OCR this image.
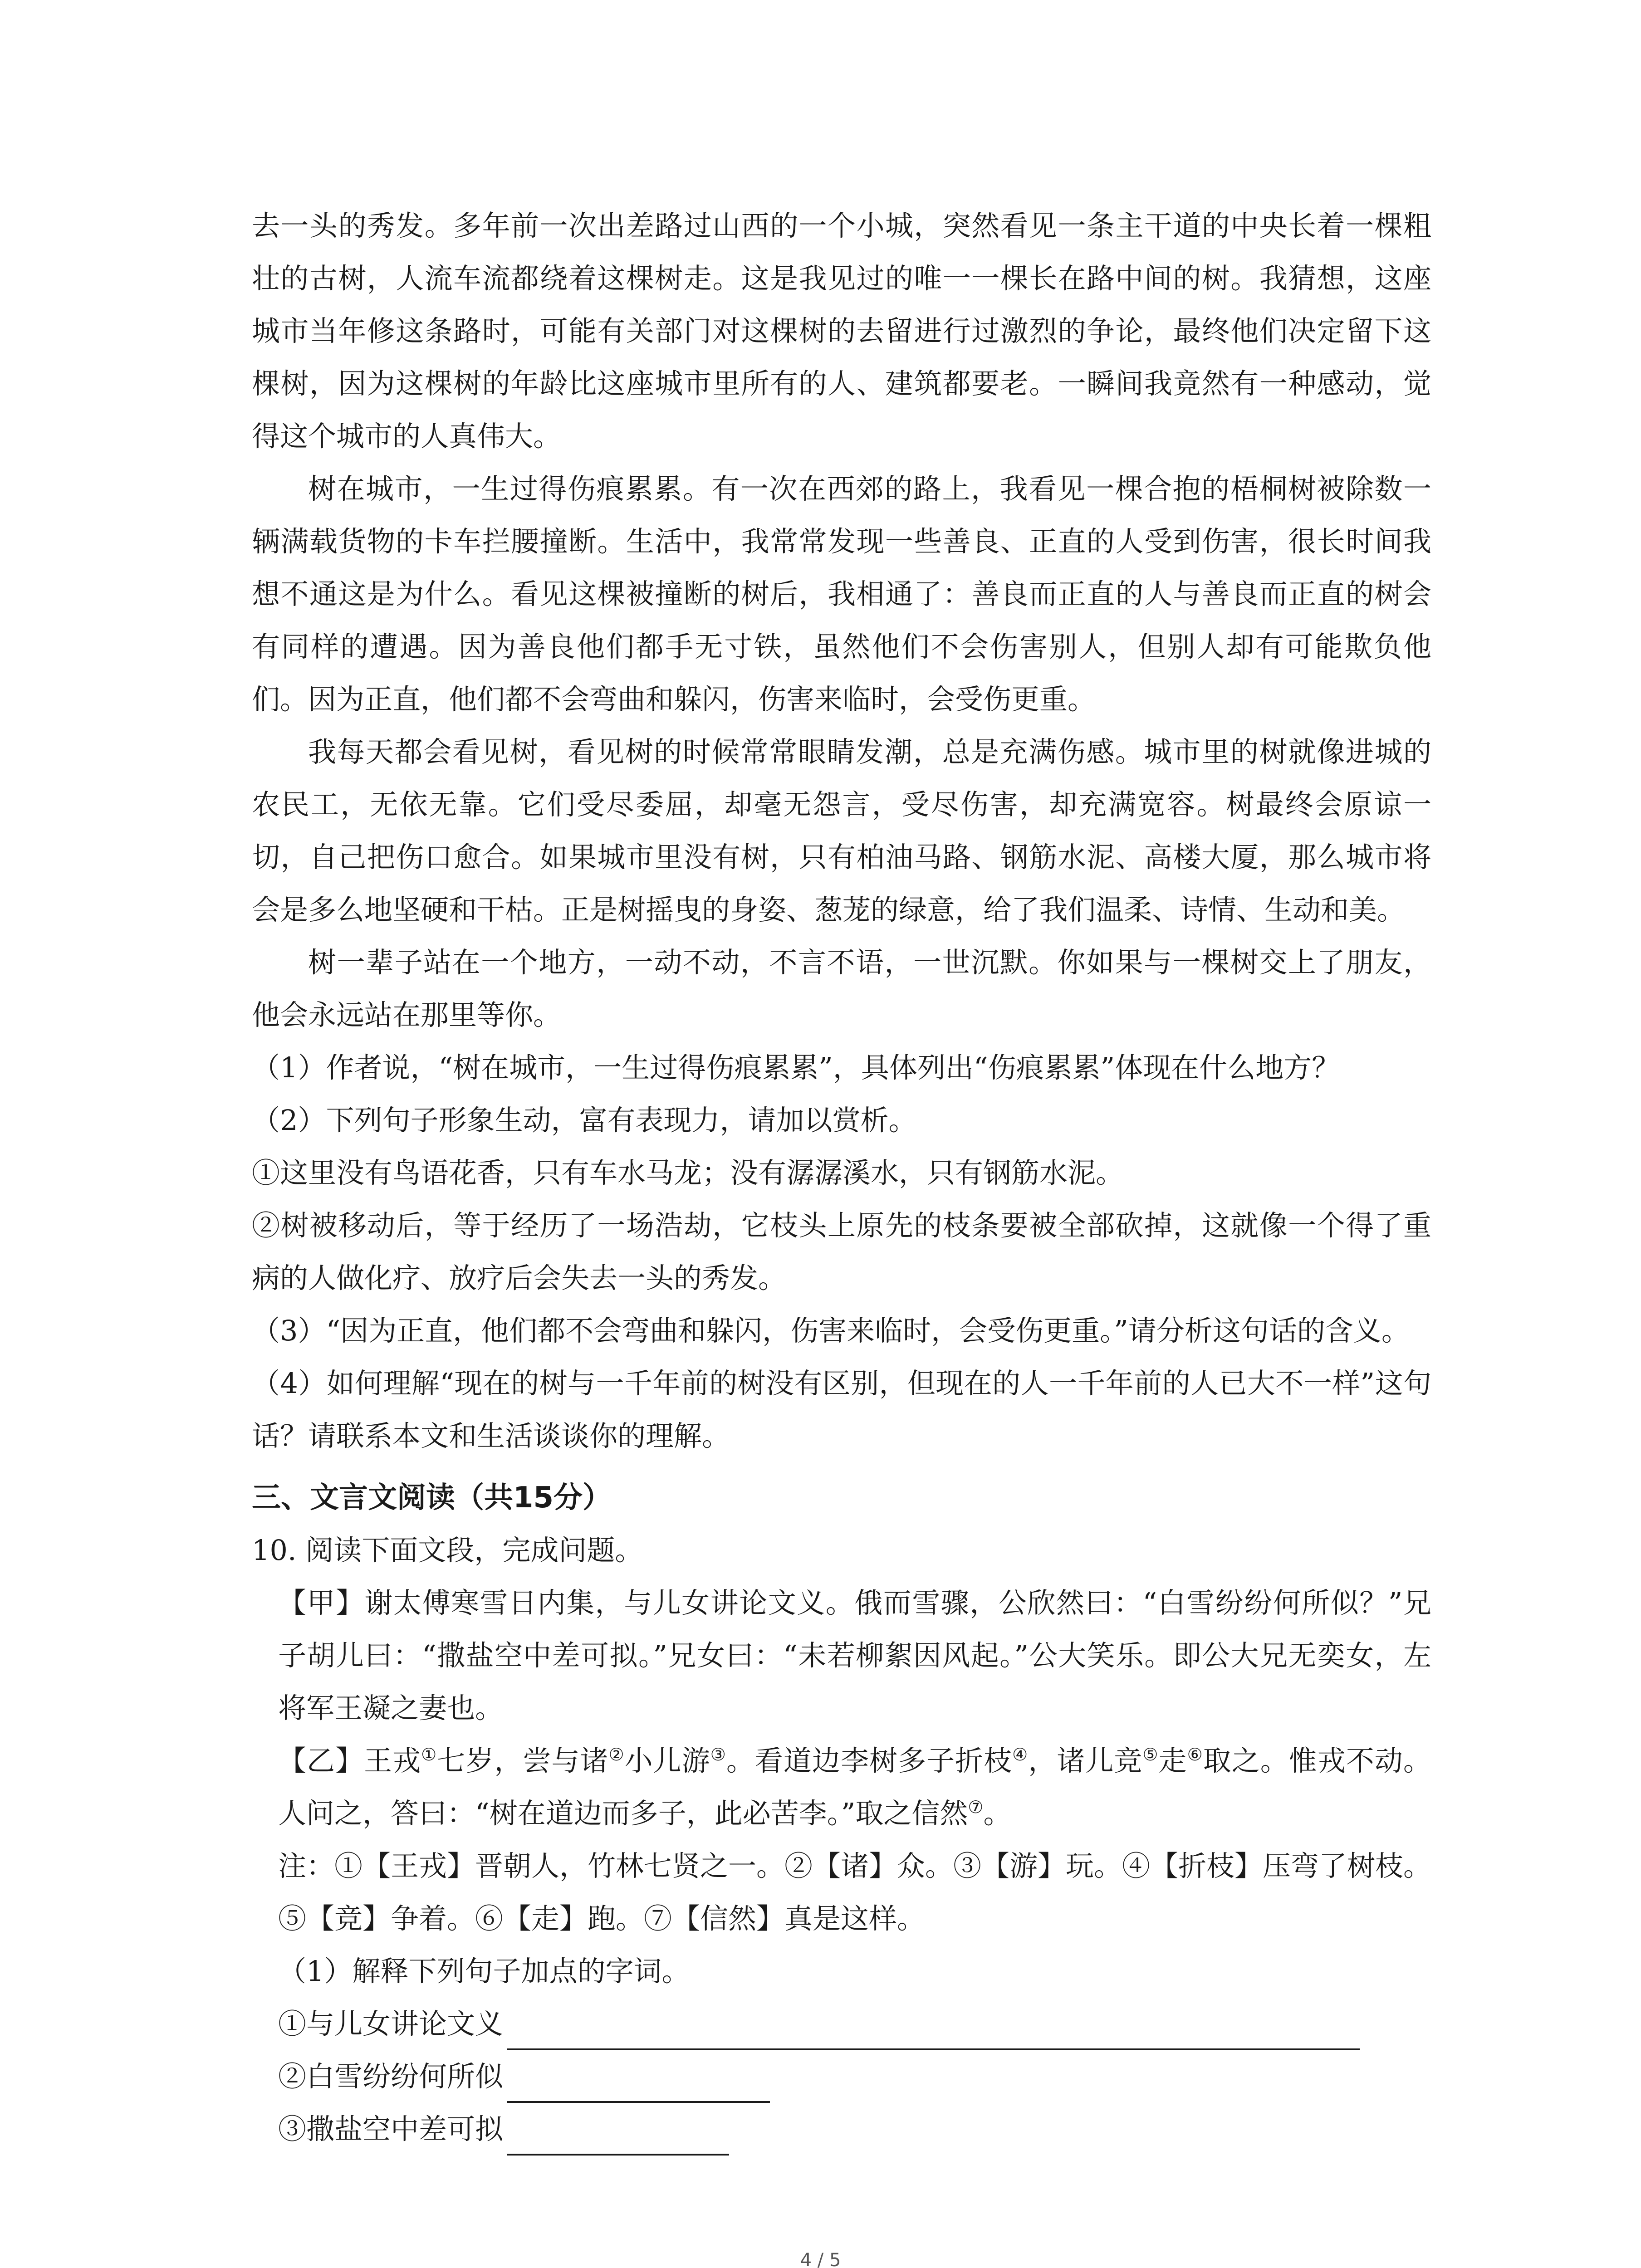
去一头的秀发。多年前一次出差路过山西的一个小城，突然看见一条主干道的中央长着一棵粗壮的古树，人流车流都绕着这棵树走。这是我见过的唯一一棵长在路中间的树。我猜想，这座城市当年修这条路时，可能有关部门对这棵树的去留进行过激烈的争论，最终他们决定留下这棵树，因为这棵树的年龄比这座城市里所有的人、建筑都要老。一瞬间我竟然有一种感动，觉得这个城市的人真伟大。

树在城市，一生过得伤痕累累。有一次在西郊的路上，我看见一棵合抱的梧桐树被除数一辆满载货物的卡车拦腰撞断。生活中，我常常发现一些善良、正直的人受到伤害，很长时间我想不通这是为什么。看见这棵被撞断的树后，我相通了：善良而正直的人与善良而正直的树会有同样的遭遇。因为善良他们都手无寸铁，虽然他们不会伤害别人，但别人却有可能欺负他们。因为正直，他们都不会弯曲和躲闪，伤害来临时，会受伤更重。

我每天都会看见树，看见树的时候常常眼睛发潮，总是充满伤感。城市里的树就像进城的农民工，无依无靠。它们受尽委屈，却毫无怨言，受尽伤害，却充满宽容。树最终会原谅一切，自己把伤口愈合。如果城市里没有树，只有柏油马路、钢筋水泥、高楼大厦，那么城市将会是多么地坚硬和干枯。正是树摇曳的身姿、葱茏的绿意，给了我们温柔、诗情、生动和美。

树一辈子站在一个地方，一动不动，不言不语，一世沉默。你如果与一棵树交上了朋友，他会永远站在那里等你。

（1）作者说，“树在城市，一生过得伤痕累累”，具体列出“伤痕累累”体现在什么地方？

（2）下列句子形象生动，富有表现力，请加以赏析。

①这里没有鸟语花香，只有车水马龙；没有潺潺溪水，只有钢筋水泥。

②树被移动后，等于经历了一场浩劫，它枝头上原先的枝条要被全部砍掉，这就像一个得了重病的人做化疗、放疗后会失去一头的秀发。

（3）“因为正直，他们都不会弯曲和躲闪，伤害来临时，会受伤更重。”请分析这句话的含义。

（4）如何理解“现在的树与一千年前的树没有区别，但现在的人一千年前的人已大不一样”这句话？请联系本文和生活谈谈你的理解。

三、文言文阅读（共15分）

10. 阅读下面文段，完成问题。

【甲】谢太傅寒雪日内集，与儿女讲论文义。俄而雪骤，公欣然曰：“白雪纷纷何所似？”兄子胡儿曰：“撒盐空中差可拟。”兄女曰：“未若柳絮因风起。”公大笑乐。即公大兄无奕女，左将军王凝之妻也。

【乙】王戎①七岁，尝与诸②小儿游③。看道边李树多子折枝④，诸儿竞⑤走⑥取之。惟戎不动。人问之，答曰：“树在道边而多子，此必苦李。”取之信然⑦。

注：①【王戎】晋朝人，竹林七贤之一。②【诸】众。③【游】玩。④【折枝】压弯了树枝。⑤【竞】争着。⑥【走】跑。⑦【信然】真是这样。

（1）解释下列句子加点的字词。

①与儿女讲论文义
②白雪纷纷何所似
③撒盐空中差可拟
4 / 5
